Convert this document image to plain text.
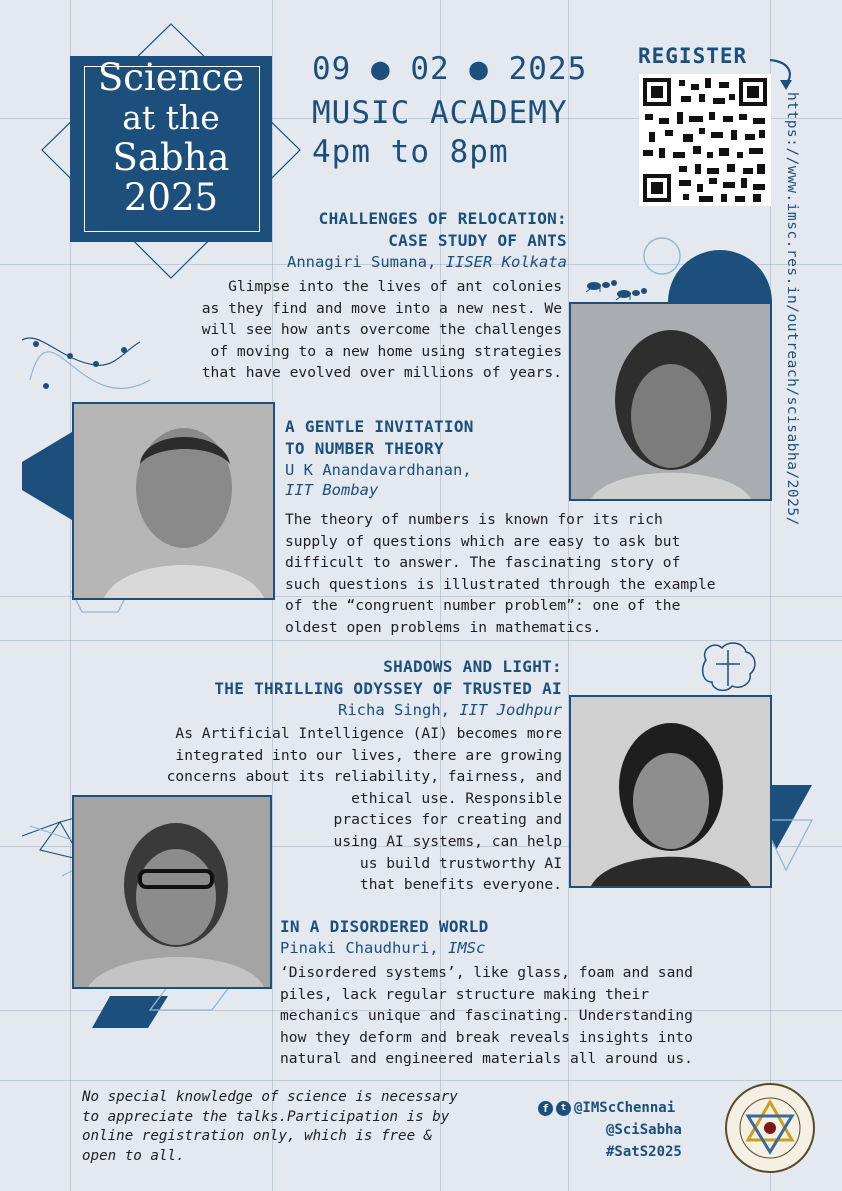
Science
at the
Sabha
2025
09 ● 02 ● 2025
MUSIC ACADEMY
4pm to 8pm
REGISTER
https://www.imsc.res.in/outreach/scisabha/2025/
CHALLENGES OF RELOCATION:
CASE STUDY OF ANTS
Annagiri Sumana, IISER Kolkata
Glimpse into the lives of ant colonies
as they find and move into a new nest. We
will see how ants overcome the challenges
of moving to a new home using strategies
that have evolved over millions of years.
A GENTLE INVITATION
TO NUMBER THEORY
U K Anandavardhanan,
IIT Bombay
The theory of numbers is known for its rich
supply of questions which are easy to ask but
difficult to answer. The fascinating story of
such questions is illustrated through the example
of the “congruent number problem”: one of the
oldest open problems in mathematics.
SHADOWS AND LIGHT:
THE THRILLING ODYSSEY OF TRUSTED AI
Richa Singh, IIT Jodhpur
As Artificial Intelligence (AI) becomes more
integrated into our lives, there are growing
concerns about its reliability, fairness, and
ethical use. Responsible
practices for creating and
using AI systems, can help
us build trustworthy AI
that benefits everyone.
IN A DISORDERED WORLD
Pinaki Chaudhuri, IMSc
‘Disordered systems’, like glass, foam and sand
piles, lack regular structure making their
mechanics unique and fascinating. Understanding
how they deform and break reveals insights into
natural and engineered materials all around us.
No special knowledge of science is necessary
to appreciate the talks.Participation is by
online registration only, which is free &
open to all.
f	t @IMScChennai
@SciSabha
#SatS2025
